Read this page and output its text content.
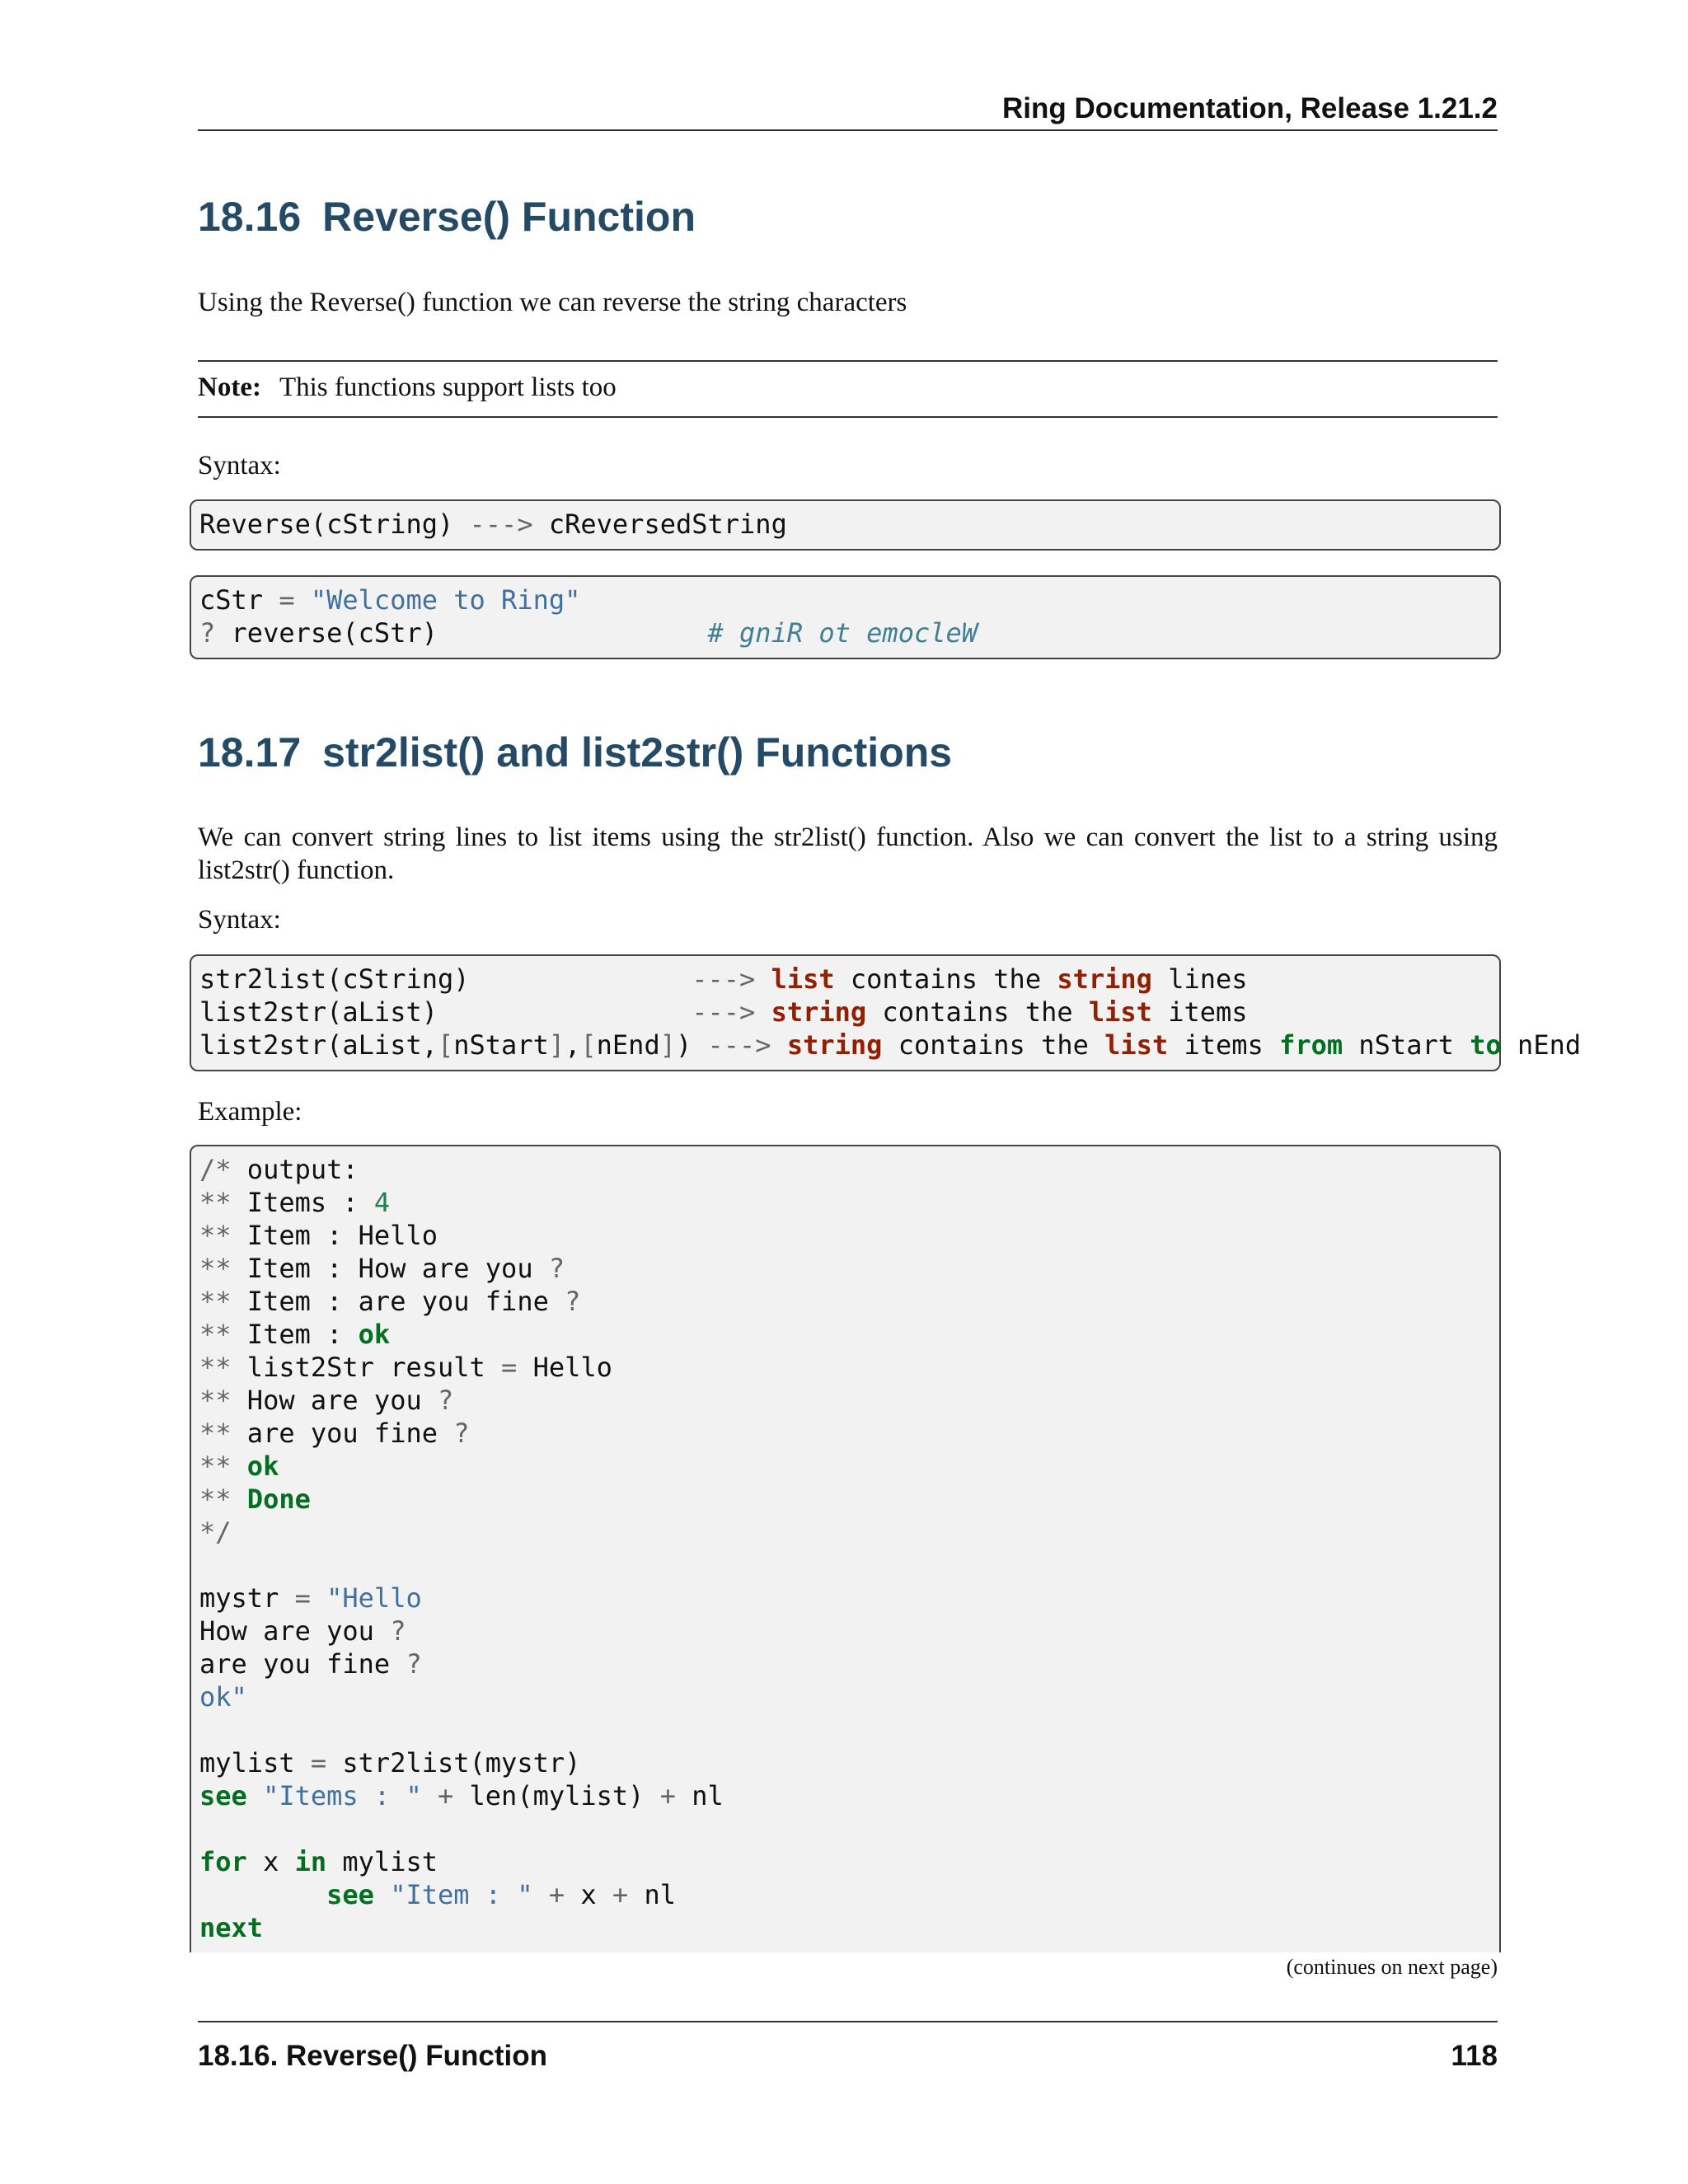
Ring Documentation, Release 1.21.2
18.16 Reverse() Function

Using the Reverse() function we can reverse the string characters

Note: This functions support lists too

Syntax:

Reverse(cString) ---> cReversedString
cStr = "Welcome to Ring"
? reverse(cStr)                 # gniR ot emocleW
18.17 str2list() and list2str() Functions

We can convert string lines to list items using the str2list() function. Also we can convert the list to a string using list2str() function.

Syntax:

str2list(cString)              ---> list contains the string lines
list2str(aList)	---> string contains the list items
list2str(aList,[nStart],[nEnd]) ---> string contains the list items from nStart to nEnd

Example:

/* output:
** Items : 4
** Item : Hello
** Item : How are you ?
** Item : are you fine ?
** Item : ok
** list2Str result = Hello
** How are you ?
** are you fine ?
** ok
** Done
*/

mystr = "Hello
How are you ?
are you fine ?
ok"

mylist = str2list(mystr)
see "Items : " + len(mylist) + nl

for x in mylist
see "Item : " + x + nl
next
(continues on next page)
18.16. Reverse() Function	118
